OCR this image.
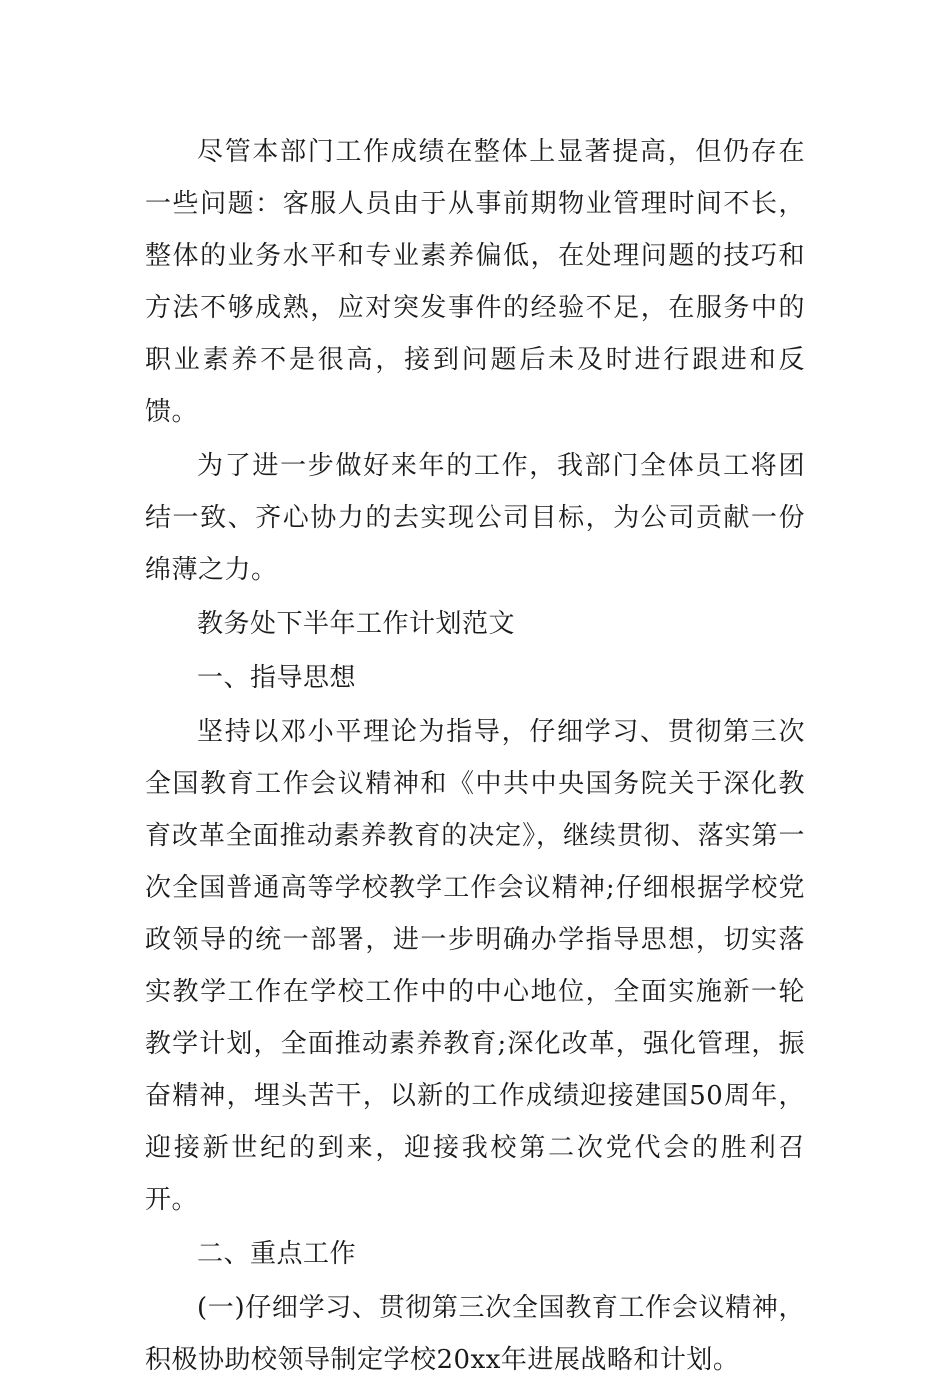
尽管本部门工作成绩在整体上显著提高，但仍存在一些问题：客服人员由于从事前期物业管理时间不长，整体的业务水平和专业素养偏低，在处理问题的技巧和方法不够成熟，应对突发事件的经验不足，在服务中的职业素养不是很高，接到问题后未及时进行跟进和反馈。

为了进一步做好来年的工作，我部门全体员工将团结一致、齐心协力的去实现公司目标，为公司贡献一份绵薄之力。

教务处下半年工作计划范文

一、指导思想

坚持以邓小平理论为指导，仔细学习、贯彻第三次全国教育工作会议精神和《中共中央国务院关于深化教育改革全面推动素养教育的决定》，继续贯彻、落实第一次全国普通高等学校教学工作会议精神;仔细根据学校党政领导的统一部署，进一步明确办学指导思想，切实落实教学工作在学校工作中的中心地位，全面实施新一轮教学计划，全面推动素养教育;深化改革，强化管理，振奋精神，埋头苦干，以新的工作成绩迎接建国50周年，迎接新世纪的到来，迎接我校第二次党代会的胜利召开。

二、重点工作

(一)仔细学习、贯彻第三次全国教育工作会议精神，积极协助校领导制定学校20xx年进展战略和计划。
